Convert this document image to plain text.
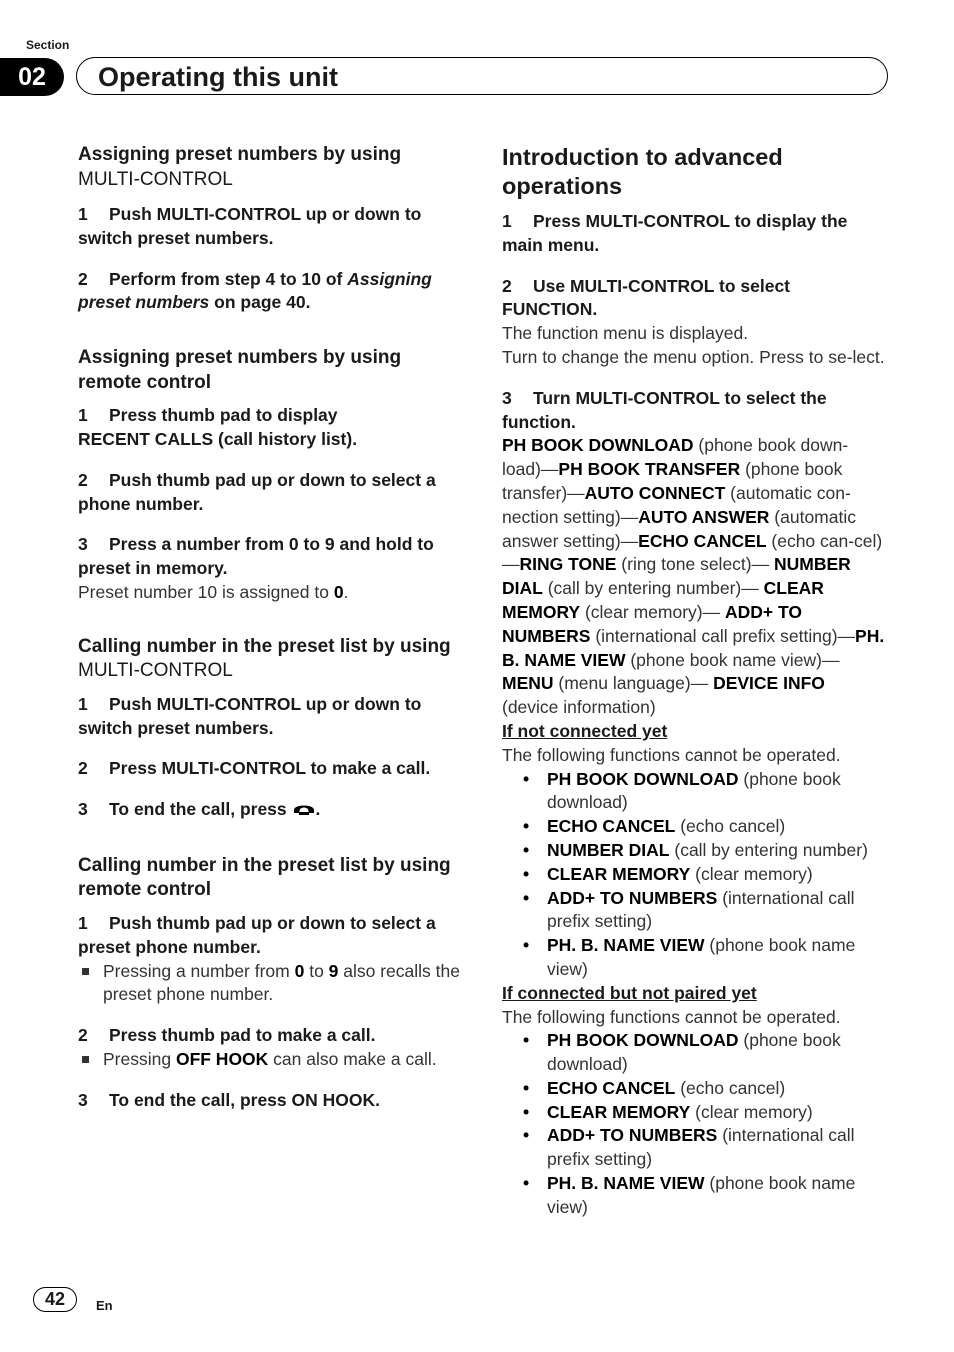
Section
02	Operating this unit
Assigning preset numbers by using
MULTI-CONTROL
1 Push MULTI-CONTROL up or down to switch preset numbers.
2 Perform from step 4 to 10 of Assigning preset numbers on page 40.
Assigning preset numbers by using remote control
1 Press thumb pad to display
RECENT CALLS (call history list).
2 Push thumb pad up or down to select a phone number.
3 Press a number from 0 to 9 and hold to preset in memory.
Preset number 10 is assigned to 0.
Calling number in the preset list by using MULTI-CONTROL
1 Push MULTI-CONTROL up or down to switch preset numbers.
2 Press MULTI-CONTROL to make a call.
3 To end the call, press .
Calling number in the preset list by using remote control
1 Push thumb pad up or down to select a preset phone number.
Pressing a number from 0 to 9 also recalls the preset phone number.
2 Press thumb pad to make a call.
Pressing OFF HOOK can also make a call.
3 To end the call, press ON HOOK.
Introduction to advanced operations
1 Press MULTI-CONTROL to display the main menu.
2 Use MULTI-CONTROL to select FUNCTION.
The function menu is displayed.
Turn to change the menu option. Press to se-lect.
3 Turn MULTI-CONTROL to select the function.
PH BOOK DOWNLOAD (phone book down-load)—PH BOOK TRANSFER (phone book transfer)—AUTO CONNECT (automatic con-nection setting)—AUTO ANSWER (automatic answer setting)—ECHO CANCEL (echo can-cel)—RING TONE (ring tone select)— NUMBER DIAL (call by entering number)— CLEAR MEMORY (clear memory)— ADD+ TO NUMBERS (international call prefix setting)—PH. B. NAME VIEW (phone book name view)—MENU (menu language)— DEVICE INFO (device information)
If not connected yet
The following functions cannot be operated.
• PH BOOK DOWNLOAD (phone book download)
• ECHO CANCEL (echo cancel)
• NUMBER DIAL (call by entering number)
• CLEAR MEMORY (clear memory)
• ADD+ TO NUMBERS (international call prefix setting)
• PH. B. NAME VIEW (phone book name view)
If connected but not paired yet
The following functions cannot be operated.
• PH BOOK DOWNLOAD (phone book download)
• ECHO CANCEL (echo cancel)
• CLEAR MEMORY (clear memory)
• ADD+ TO NUMBERS (international call prefix setting)
• PH. B. NAME VIEW (phone book name view)
42	En
